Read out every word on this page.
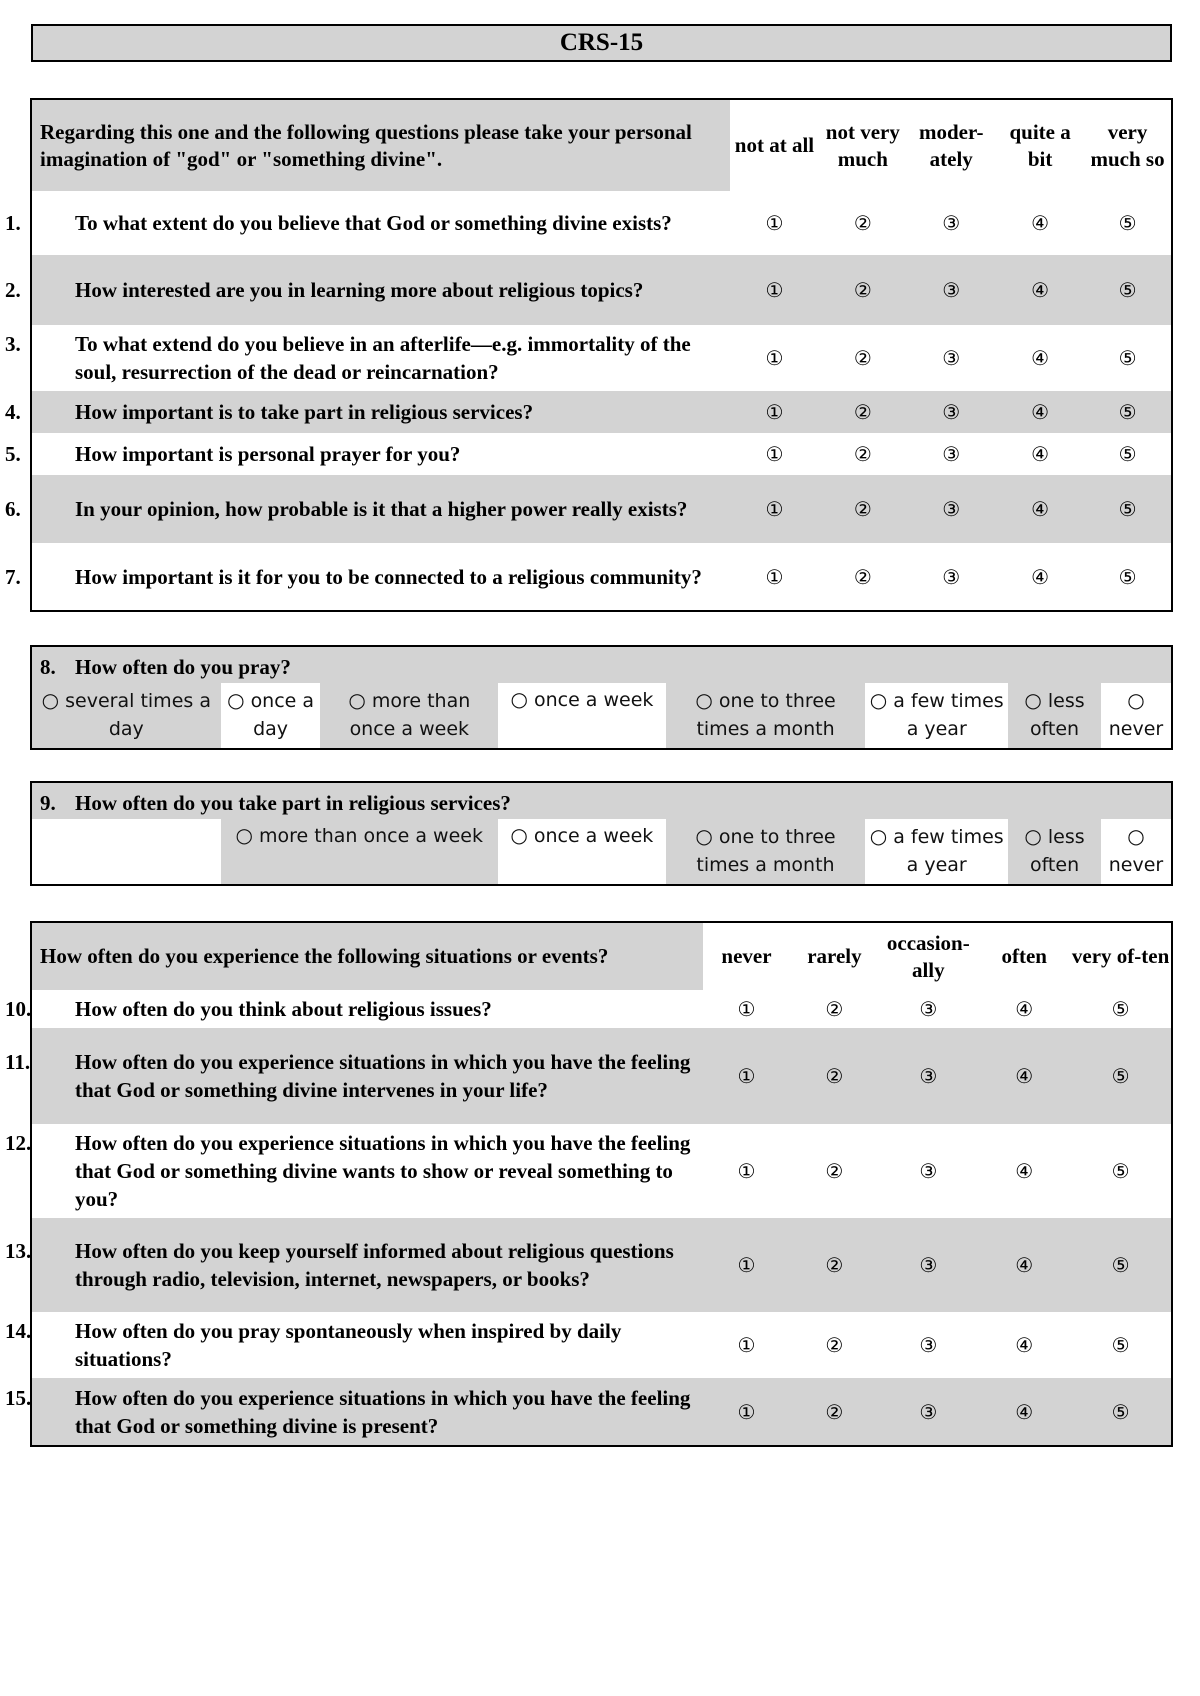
CRS-15
Regarding this one and the following questions please take your personal imagination of "god" or "something divine".	not at all	not very much	moder-ately	quite a bit	very much so

1. To what extent do you believe that God or something divine exists?	①	②	③	④	⑤

2. How interested are you in learning more about religious topics?	①	②	③	④	⑤

3. To what extend do you believe in an afterlife—e.g. immortality of the soul, resurrection of the dead or reincarnation?	①	②	③	④	⑤

4. How important is to take part in religious services?	①	②	③	④	⑤

5. How important is personal prayer for you?	①	②	③	④	⑤

6. In your opinion, how probable is it that a higher power really exists?	①	②	③	④	⑤

7. How important is it for you to be connected to a religious community?	①	②	③	④	⑤
8. How often do you pray?
○ several times a day	○ once a day	○ more than once a week	○ once a week	○ one to three times a month	○ a few times a year	○ less often	○
never
9. How often do you take part in religious services?
	○ more than once a week	○ once a week	○ one to three times a month	○ a few times a year	○ less often	○
never
How often do you experience the following situations or events?	never	rarely	occasion-ally	often	very of-ten

10. How often do you think about religious issues?	①	②	③	④	⑤

11. How often do you experience situations in which you have the feeling that God or something divine intervenes in your life?	①	②	③	④	⑤

12. How often do you experience situations in which you have the feeling that God or something divine wants to show or reveal something to you?	①	②	③	④	⑤

13. How often do you keep yourself informed about religious questions through radio, television, internet, newspapers, or books?	①	②	③	④	⑤

14. How often do you pray spontaneously when inspired by daily situations?	①	②	③	④	⑤

15. How often do you experience situations in which you have the feeling that God or something divine is present?	①	②	③	④	⑤
